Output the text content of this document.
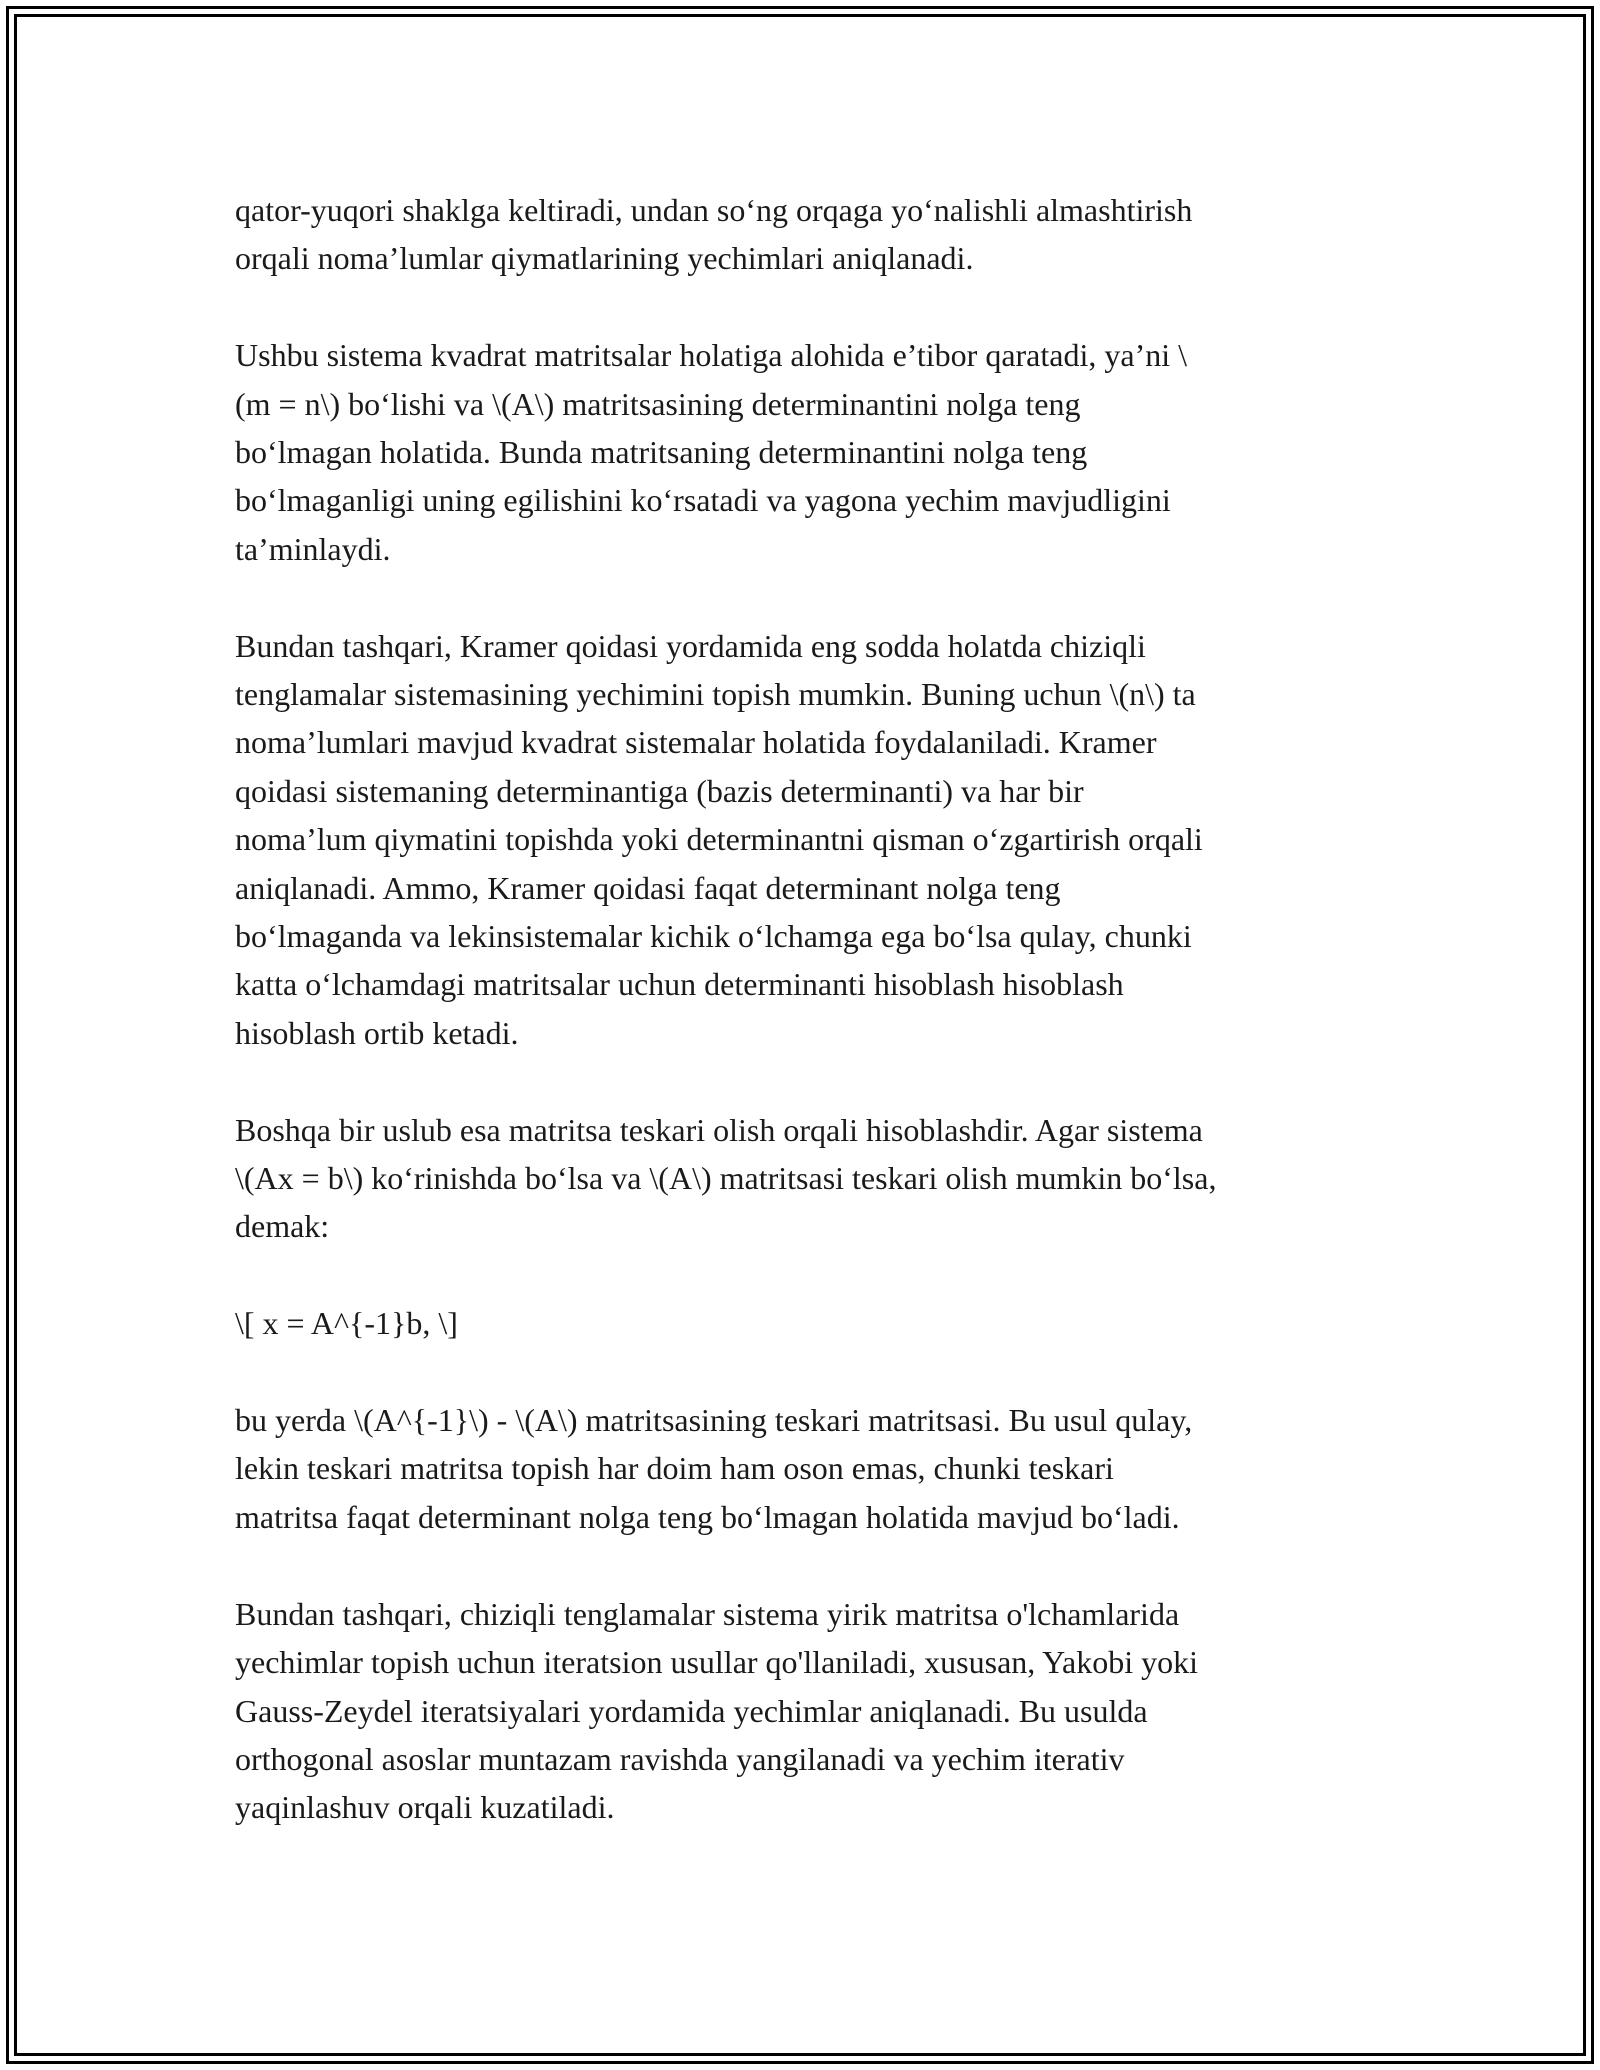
qator-yuqori shaklga keltiradi, undan so‘ng orqaga yo‘nalishli almashtirish
orqali noma’lumlar qiymatlarining yechimlari aniqlanadi.

Ushbu sistema kvadrat matritsalar holatiga alohida e’tibor qaratadi, ya’ni \
(m = n\) bo‘lishi va \(A\) matritsasining determinantini nolga teng
bo‘lmagan holatida. Bunda matritsaning determinantini nolga teng
bo‘lmaganligi uning egilishini ko‘rsatadi va yagona yechim mavjudligini
ta’minlaydi.

Bundan tashqari, Kramer qoidasi yordamida eng sodda holatda chiziqli
tenglamalar sistemasining yechimini topish mumkin. Buning uchun \(n\) ta
noma’lumlari mavjud kvadrat sistemalar holatida foydalaniladi. Kramer
qoidasi sistemaning determinantiga (bazis determinanti) va har bir
noma’lum qiymatini topishda yoki determinantni qisman o‘zgartirish orqali
aniqlanadi. Ammo, Kramer qoidasi faqat determinant nolga teng
bo‘lmaganda va lekinsistemalar kichik o‘lchamga ega bo‘lsa qulay, chunki
katta o‘lchamdagi matritsalar uchun determinanti hisoblash hisoblash
hisoblash ortib ketadi.

Boshqa bir uslub esa matritsa teskari olish orqali hisoblashdir. Agar sistema
\(Ax = b\) ko‘rinishda bo‘lsa va \(A\) matritsasi teskari olish mumkin bo‘lsa,
demak:

\[ x = A^{-1}b, \]

bu yerda \(A^{-1}\) - \(A\) matritsasining teskari matritsasi. Bu usul qulay,
lekin teskari matritsa topish har doim ham oson emas, chunki teskari
matritsa faqat determinant nolga teng bo‘lmagan holatida mavjud bo‘ladi.

Bundan tashqari, chiziqli tenglamalar sistema yirik matritsa o'lchamlarida
yechimlar topish uchun iteratsion usullar qo'llaniladi, xususan, Yakobi yoki
Gauss-Zeydel iteratsiyalari yordamida yechimlar aniqlanadi. Bu usulda
orthogonal asoslar muntazam ravishda yangilanadi va yechim iterativ
yaqinlashuv orqali kuzatiladi.
